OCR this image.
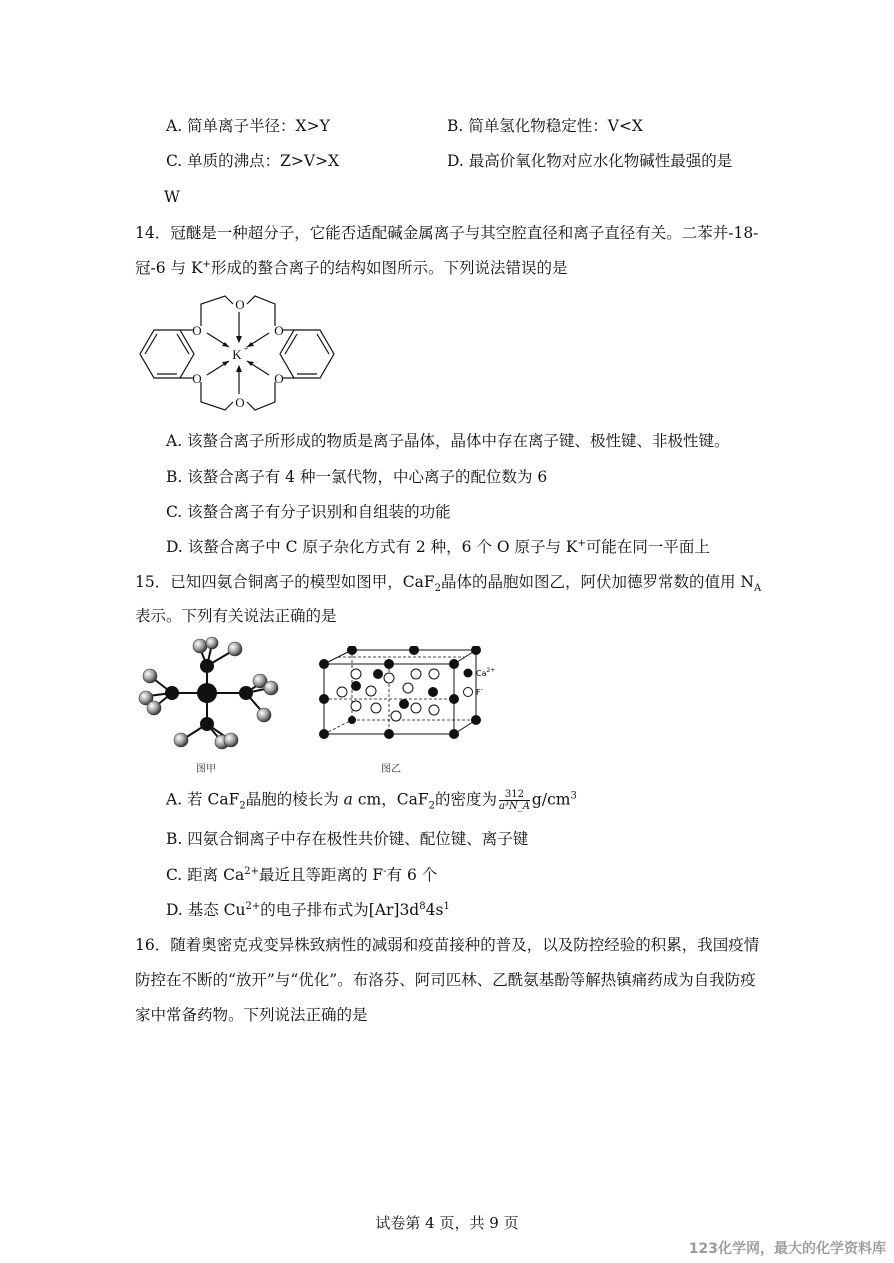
A. 简单离子半径：X>Y	B. 简单氢化物稳定性：V<X
C. 单质的沸点：Z>V>X	D. 最高价氧化物对应水化物碱性最强的是
W
14．冠醚是一种超分子，它能否适配碱金属离子与其空腔直径和离子直径有关。二苯并-18-
冠-6 与 K+形成的螯合离子的结构如图所示。下列说法错误的是
O	O
O	O
O
O
K +
A. 该螯合离子所形成的物质是离子晶体，晶体中存在离子键、极性键、非极性键。
B. 该螯合离子有 4 种一氯代物，中心离子的配位数为 6
C. 该螯合离子有分子识别和自组装的功能
D. 该螯合离子中 C 原子杂化方式有 2 种，6 个 O 原子与 K+可能在同一平面上
15．已知四氨合铜离子的模型如图甲，CaF$_2$晶体的晶胞如图乙，阿伏加德罗常数的值用 $N_A$
表示。下列有关说法正确的是
图甲
$Ca^{2+}$
F-
图乙
A. 若 CaF$_2$晶胞的棱长为 a cm，CaF$_2$的密度为 $\frac{312}{\text{a³N\_A}} g/cm^3$
B. 四氨合铜离子中存在极性共价键、配位键、离子键
C. 距离 $Ca^{2+}$最近且等距离的 F-有 6 个
D. 基态 $Cu^{2+}$的电子排布式为$[Ar]3d^84s^1$
16．随着奥密克戎变异株致病性的减弱和疫苗接种的普及，以及防控经验的积累，我国疫情
防控在不断的“放开”与“优化”。布洛芬、阿司匹林、乙酰氨基酚等解热镇痛药成为自我防疫
家中常备药物。下列说法正确的是
试卷第 4 页，共 9 页
123化学网，最大的化学资料库
